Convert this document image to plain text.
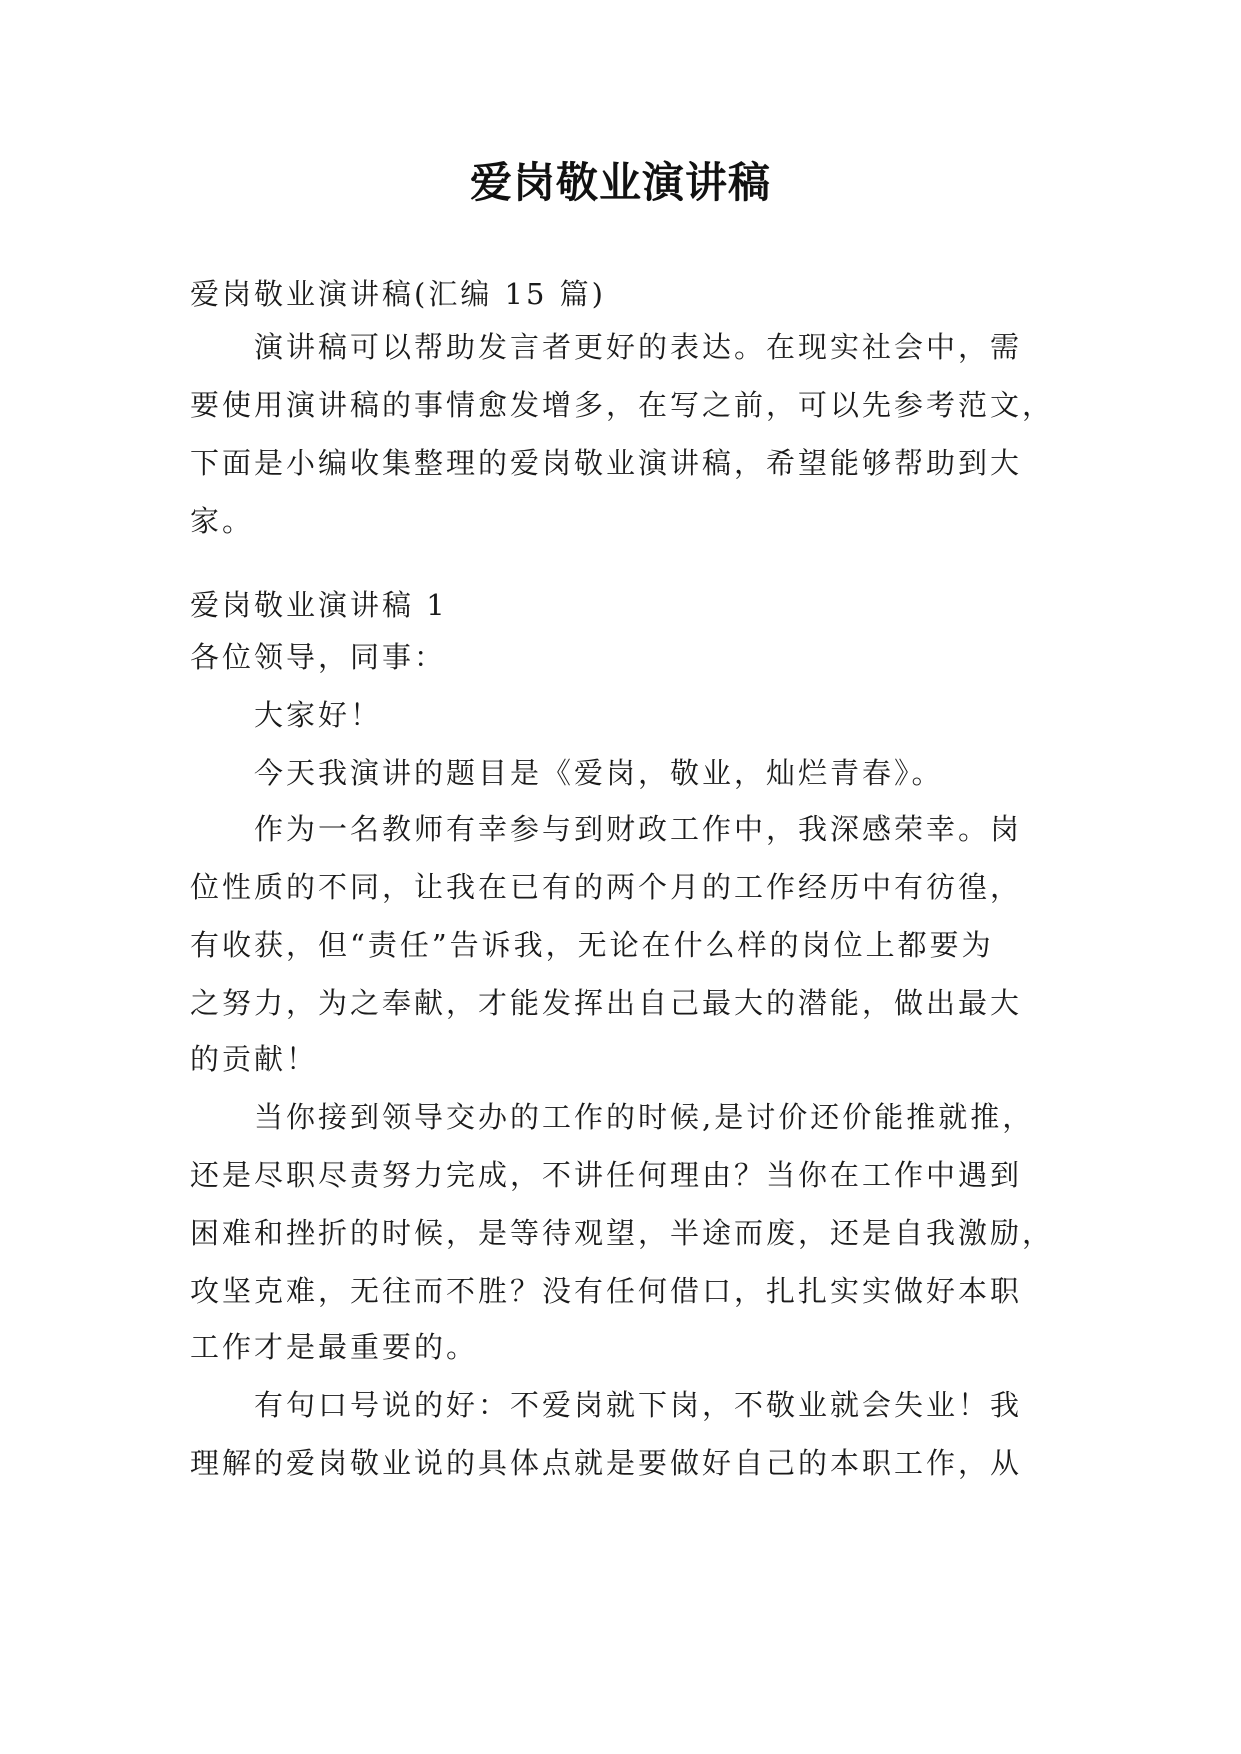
爱岗敬业演讲稿
爱岗敬业演讲稿(汇编 15 篇)
演讲稿可以帮助发言者更好的表达。在现实社会中，需
要使用演讲稿的事情愈发增多，在写之前，可以先参考范文，
下面是小编收集整理的爱岗敬业演讲稿，希望能够帮助到大
家。
爱岗敬业演讲稿 1
各位领导，同事：
大家好！
今天我演讲的题目是《爱岗，敬业，灿烂青春》。
作为一名教师有幸参与到财政工作中，我深感荣幸。岗
位性质的不同，让我在已有的两个月的工作经历中有彷徨，
有收获，但“责任”告诉我，无论在什么样的岗位上都要为
之努力，为之奉献，才能发挥出自己最大的潜能，做出最大
的贡献！
当你接到领导交办的工作的时候,是讨价还价能推就推，
还是尽职尽责努力完成，不讲任何理由？当你在工作中遇到
困难和挫折的时候，是等待观望，半途而废，还是自我激励，
攻坚克难，无往而不胜？没有任何借口，扎扎实实做好本职
工作才是最重要的。
有句口号说的好：不爱岗就下岗，不敬业就会失业！我
理解的爱岗敬业说的具体点就是要做好自己的本职工作，从
